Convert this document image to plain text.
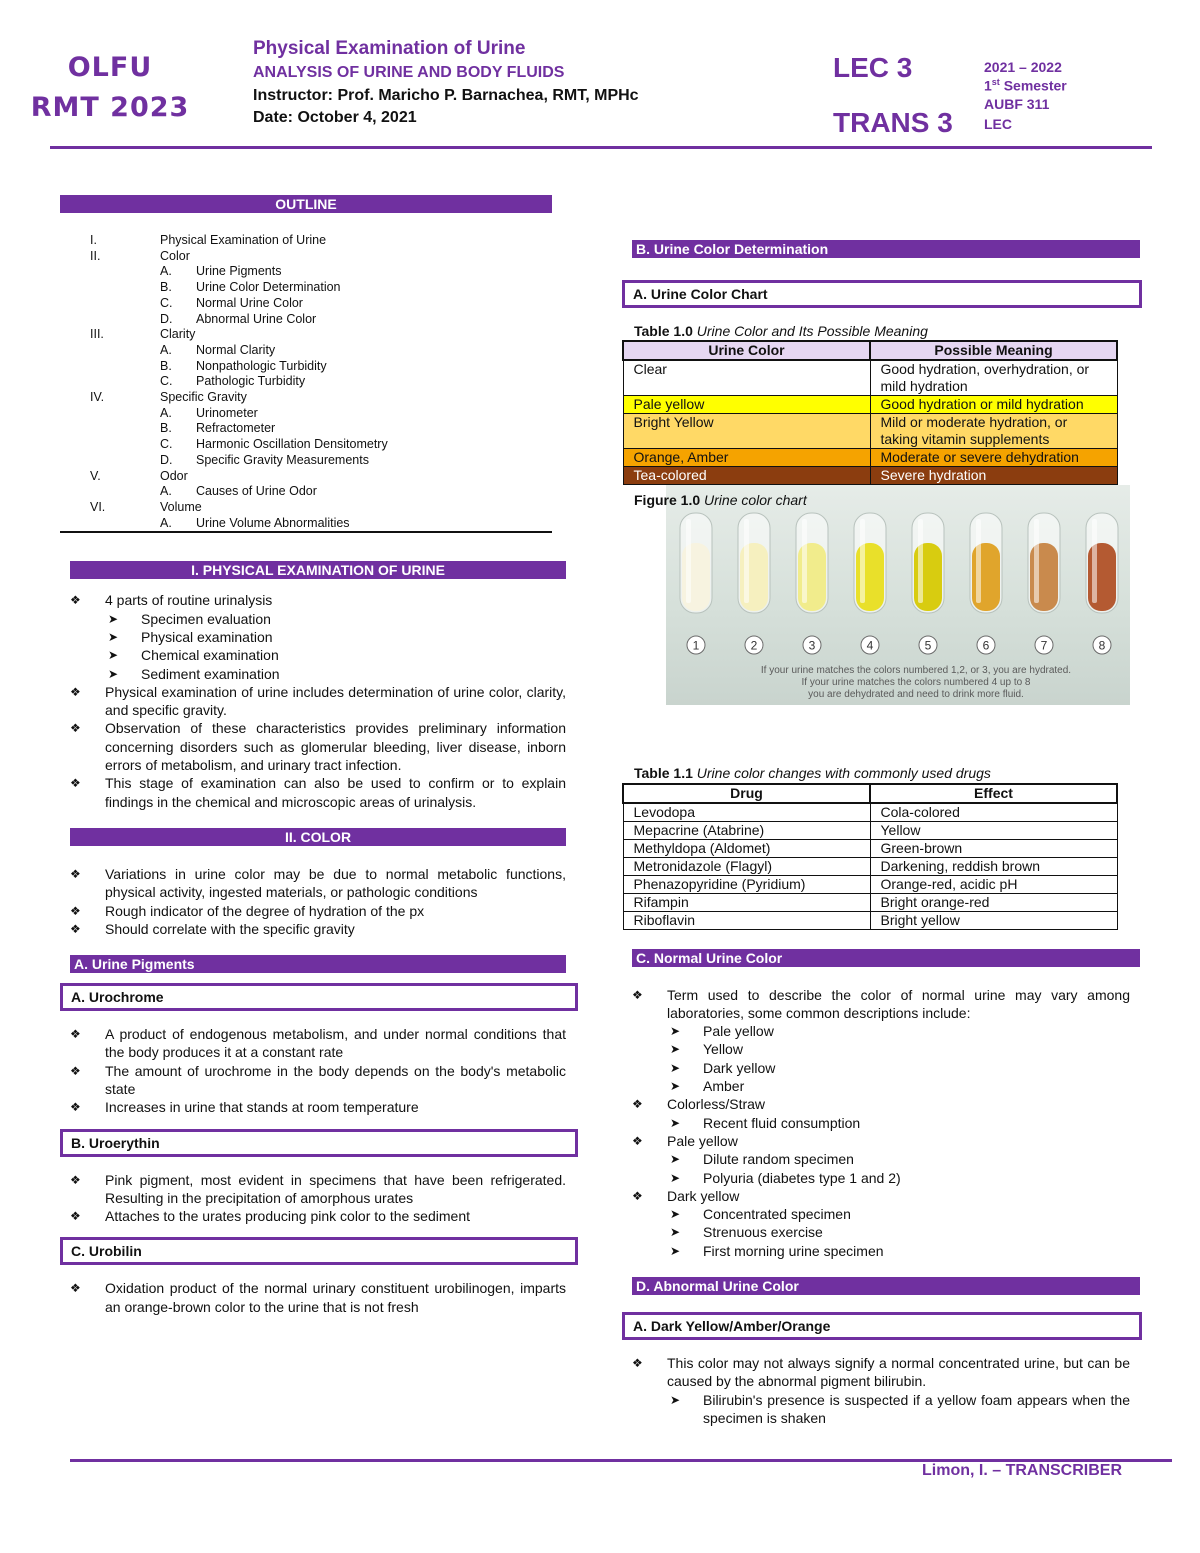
OLFU
RMT 2023
Physical Examination of Urine
ANALYSIS OF URINE AND BODY FLUIDS
Instructor: Prof. Maricho P. Barnachea, RMT, MPHc
Date: October 4, 2021
LEC 3
TRANS 3
2021 – 2022
1st Semester
AUBF 311
LEC
OUTLINE
I.	Physical Examination of Urine
II.	Color
A.	Urine Pigments
B.	Urine Color Determination
C.	Normal Urine Color
D.	Abnormal Urine Color
III.	Clarity
A.	Normal Clarity
B.	Nonpathologic Turbidity
C.	Pathologic Turbidity
IV.	Specific Gravity
A.	Urinometer
B.	Refractometer
C.	Harmonic Oscillation Densitometry
D.	Specific Gravity Measurements
V.	Odor
A.	Causes of Urine Odor
VI.	Volume
A.	Urine Volume Abnormalities
I. PHYSICAL EXAMINATION OF URINE
❖ 4 parts of routine urinalysis
➤ Specimen evaluation
➤ Physical examination
➤ Chemical examination
➤ Sediment examination
❖ Physical examination of urine includes determination of urine color, clarity, and specific gravity.
❖ Observation of these characteristics provides preliminary information concerning disorders such as glomerular bleeding, liver disease, inborn errors of metabolism, and urinary tract infection.
❖ This stage of examination can also be used to confirm or to explain findings in the chemical and microscopic areas of urinalysis.
II. COLOR
❖ Variations in urine color may be due to normal metabolic functions, physical activity, ingested materials, or pathologic conditions
❖ Rough indicator of the degree of hydration of the px
❖ Should correlate with the specific gravity
A. Urine Pigments
A. Urochrome
❖ A product of endogenous metabolism, and under normal conditions that the body produces it at a constant rate
❖ The amount of urochrome in the body depends on the body's metabolic state
❖ Increases in urine that stands at room temperature
B. Uroerythin
❖ Pink pigment, most evident in specimens that have been refrigerated. Resulting in the precipitation of amorphous urates
❖ Attaches to the urates producing pink color to the sediment
C. Urobilin
❖ Oxidation product of the normal urinary constituent urobilinogen, imparts an orange-brown color to the urine that is not fresh
B. Urine Color Determination
A. Urine Color Chart
Table 1.0 Urine Color and Its Possible Meaning
Urine Color	Possible Meaning
Clear	Good hydration, overhydration, or mild hydration
Pale yellow	Good hydration or mild hydration
Bright Yellow	Mild or moderate hydration, or taking vitamin supplements
Orange, Amber	Moderate or severe dehydration
Tea-colored	Severe hydration
Figure 1.0 Urine color chart
1	2	3	4	5	6	7	8
If your urine matches the colors numbered 1,2, or 3, you are hydrated.
If your urine matches the colors numbered 4 up to 8
you are dehydrated and need to drink more fluid.
Table 1.1 Urine color changes with commonly used drugs
Drug	Effect
Levodopa	Cola-colored
Mepacrine (Atabrine)	Yellow
Methyldopa (Aldomet)	Green-brown
Metronidazole (Flagyl)	Darkening, reddish brown
Phenazopyridine (Pyridium)	Orange-red, acidic pH
Rifampin	Bright orange-red
Riboflavin	Bright yellow
C. Normal Urine Color
❖ Term used to describe the color of normal urine may vary among laboratories, some common descriptions include:
➤ Pale yellow
➤ Yellow
➤ Dark yellow
➤ Amber
❖ Colorless/Straw
➤ Recent fluid consumption
❖ Pale yellow
➤ Dilute random specimen
➤ Polyuria (diabetes type 1 and 2)
❖ Dark yellow
➤ Concentrated specimen
➤ Strenuous exercise
➤ First morning urine specimen
D. Abnormal Urine Color
A. Dark Yellow/Amber/Orange
❖ This color may not always signify a normal concentrated urine, but can be caused by the abnormal pigment bilirubin.
➤ Bilirubin's presence is suspected if a yellow foam appears when the specimen is shaken
Limon, I. – TRANSCRIBER
